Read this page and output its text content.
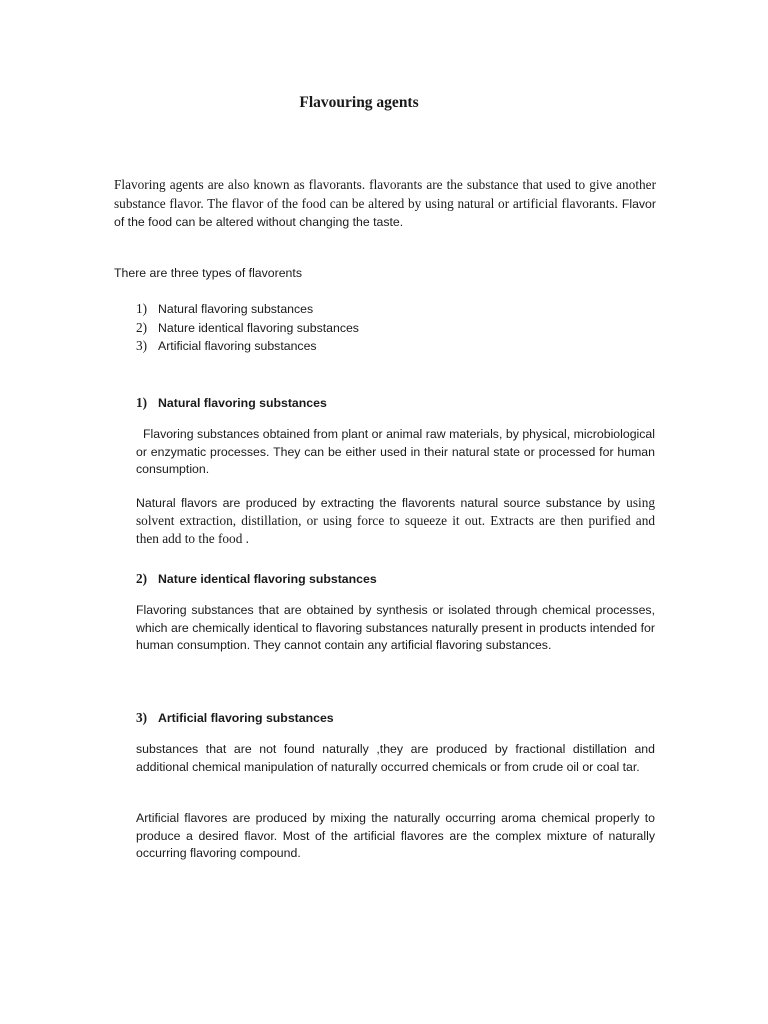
Flavouring agents

Flavoring agents are also known as flavorants. flavorants are the substance that used to give another substance flavor. The flavor of the food can be altered by using natural or artificial flavorants. Flavor of the food can be altered without changing the taste.

There are three types of flavorents

1) Natural flavoring substances
2) Nature identical flavoring substances
3) Artificial flavoring substances
1) Natural flavoring substances

Flavoring substances obtained from plant or animal raw materials, by physical, microbiological or enzymatic processes. They can be either used in their natural state or processed for human consumption.

Natural flavors are produced by extracting the flavorents natural source substance by using solvent extraction, distillation, or using force to squeeze it out. Extracts are then purified and then add to the food .

2) Nature identical flavoring substances

Flavoring substances that are obtained by synthesis or isolated through chemical processes, which are chemically identical to flavoring substances naturally present in products intended for human consumption. They cannot contain any artificial flavoring substances.

3) Artificial flavoring substances

substances that are not found naturally ,they are produced by fractional distillation and additional chemical manipulation of naturally occurred chemicals or from crude oil or coal tar.

Artificial flavores are produced by mixing the naturally occurring aroma chemical properly to produce a desired flavor. Most of the artificial flavores are the complex mixture of naturally occurring flavoring compound.
